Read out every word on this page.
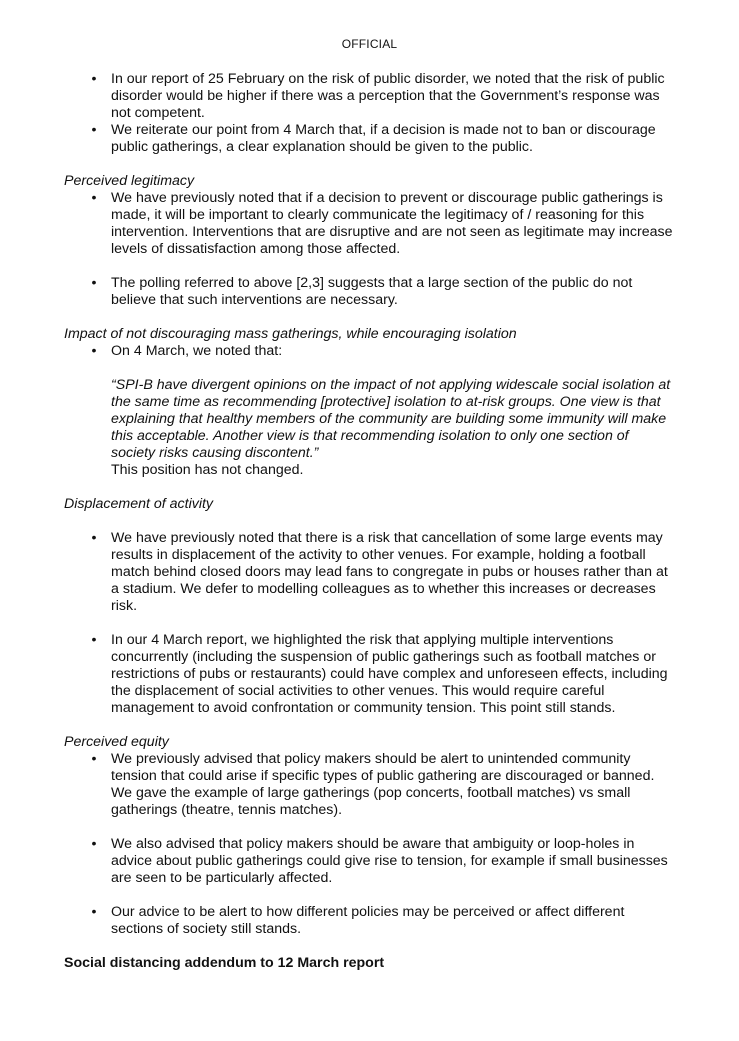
OFFICIAL
• In our report of 25 February on the risk of public disorder, we noted that the risk of public disorder would be higher if there was a perception that the Government’s response was not competent.
• We reiterate our point from 4 March that, if a decision is made not to ban or discourage public gatherings, a clear explanation should be given to the public.

Perceived legitimacy

• We have previously noted that if a decision to prevent or discourage public gatherings is made, it will be important to clearly communicate the legitimacy of / reasoning for this intervention. Interventions that are disruptive and are not seen as legitimate may increase levels of dissatisfaction among those affected.
• The polling referred to above [2,3] suggests that a large section of the public do not believe that such interventions are necessary.

Impact of not discouraging mass gatherings, while encouraging isolation

• On 4 March, we noted that:
“SPI-B have divergent opinions on the impact of not applying widescale social isolation at the same time as recommending [protective] isolation to at-risk groups. One view is that explaining that healthy members of the community are building some immunity will make this acceptable. Another view is that recommending isolation to only one section of society risks causing discontent.”
This position has not changed.

Displacement of activity

• We have previously noted that there is a risk that cancellation of some large events may results in displacement of the activity to other venues. For example, holding a football match behind closed doors may lead fans to congregate in pubs or houses rather than at a stadium. We defer to modelling colleagues as to whether this increases or decreases risk.
• In our 4 March report, we highlighted the risk that applying multiple interventions concurrently (including the suspension of public gatherings such as football matches or restrictions of pubs or restaurants) could have complex and unforeseen effects, including the displacement of social activities to other venues. This would require careful management to avoid confrontation or community tension. This point still stands.

Perceived equity

• We previously advised that policy makers should be alert to unintended community tension that could arise if specific types of public gathering are discouraged or banned. We gave the example of large gatherings (pop concerts, football matches) vs small gatherings (theatre, tennis matches).
• We also advised that policy makers should be aware that ambiguity or loop-holes in advice about public gatherings could give rise to tension, for example if small businesses are seen to be particularly affected.
• Our advice to be alert to how different policies may be perceived or affect different sections of society still stands.

Social distancing addendum to 12 March report
